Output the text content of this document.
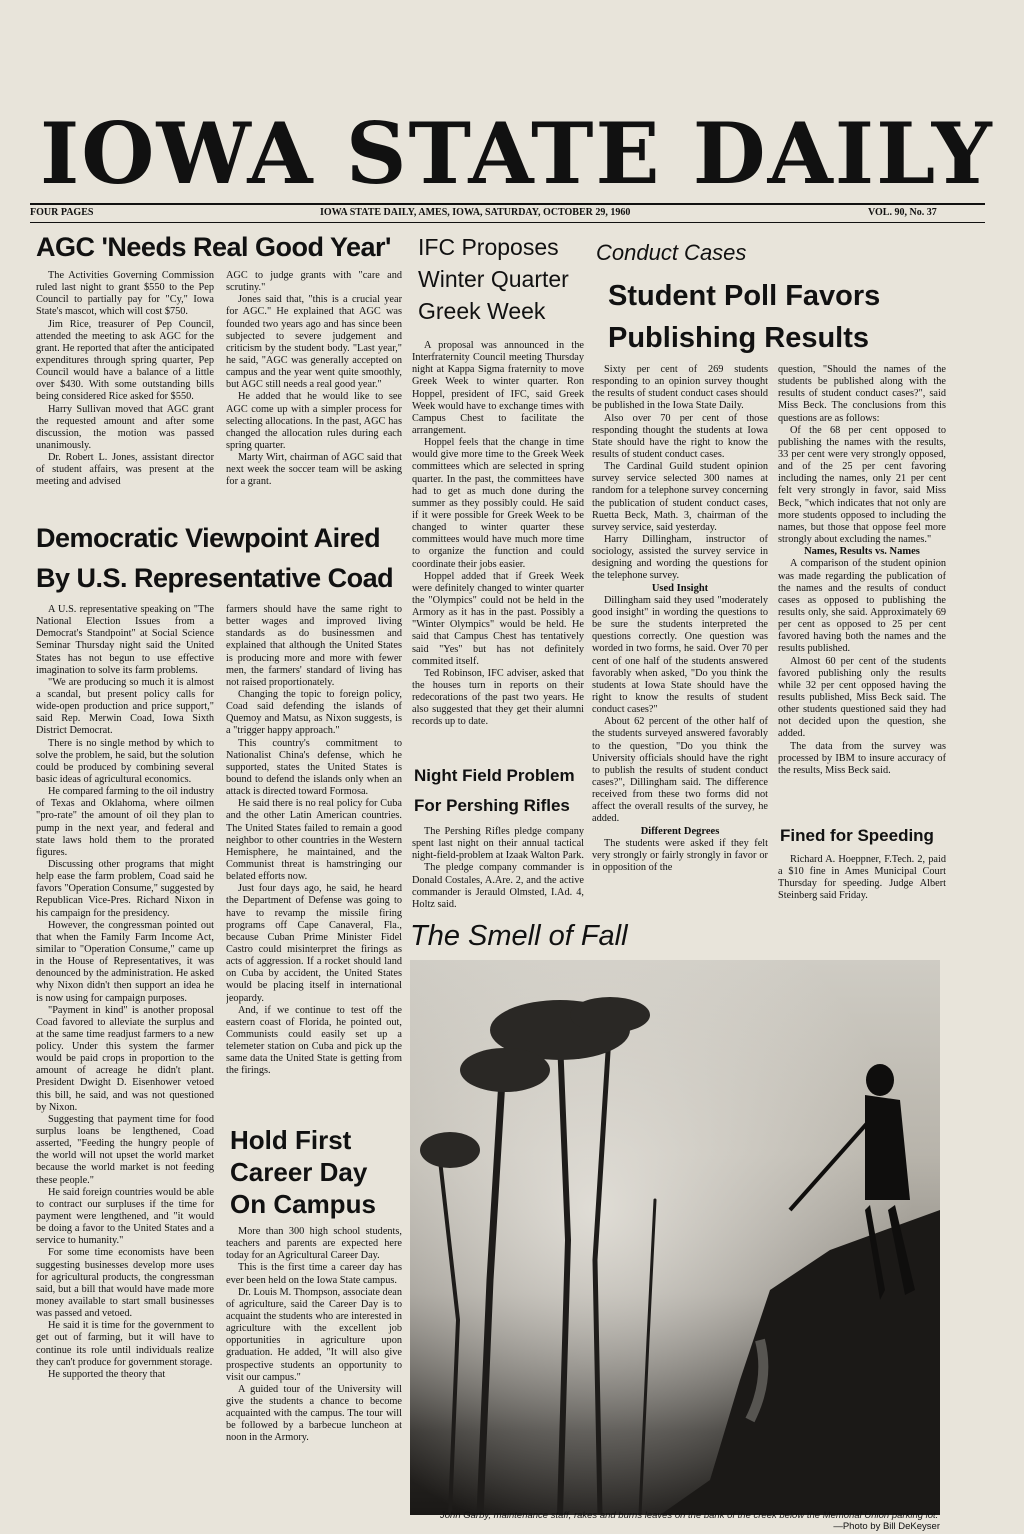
IOWA STATE DAILY
FOUR PAGES	IOWA STATE DAILY, AMES, IOWA, SATURDAY, OCTOBER 29, 1960	VOL. 90, No. 37
AGC 'Needs Real Good Year'

The Activities Governing Commission ruled last night to grant $550 to the Pep Council to partially pay for "Cy," Iowa State's mascot, which will cost $750.

Jim Rice, treasurer of Pep Council, attended the meeting to ask AGC for the grant. He reported that after the anticipated expenditures through spring quarter, Pep Council would have a balance of a little over $430. With some outstanding bills being considered Rice asked for $550.

Harry Sullivan moved that AGC grant the requested amount and after some discussion, the motion was passed unanimously.

Dr. Robert L. Jones, assistant director of student affairs, was present at the meeting and advised

AGC to judge grants with "care and scrutiny."

Jones said that, "this is a crucial year for AGC." He explained that AGC was founded two years ago and has since been subjected to severe judgement and criticism by the student body. "Last year," he said, "AGC was generally accepted on campus and the year went quite smoothly, but AGC still needs a real good year."

He added that he would like to see AGC come up with a simpler process for selecting allocations. In the past, AGC has changed the allocation rules during each spring quarter.

Marty Wirt, chairman of AGC said that next week the soccer team will be asking for a grant.

Democratic Viewpoint Aired
By U.S. Representative Coad

A U.S. representative speaking on "The National Election Issues from a Democrat's Standpoint" at Social Science Seminar Thursday night said the United States has not begun to use effective imagination to solve its farm problems.

"We are producing so much it is almost a scandal, but present policy calls for wide-open production and price support," said Rep. Merwin Coad, Iowa Sixth District Democrat.

There is no single method by which to solve the problem, he said, but the solution could be produced by combining several basic ideas of agricultural economics.

He compared farming to the oil industry of Texas and Oklahoma, where oilmen "pro-rate" the amount of oil they plan to pump in the next year, and federal and state laws hold them to the prorated figures.

Discussing other programs that might help ease the farm problem, Coad said he favors "Operation Consume," suggested by Republican Vice-Pres. Richard Nixon in his campaign for the presidency.

However, the congressman pointed out that when the Family Farm Income Act, similar to "Operation Consume," came up in the House of Representatives, it was denounced by the administration. He asked why Nixon didn't then support an idea he is now using for campaign purposes.

"Payment in kind" is another proposal Coad favored to alleviate the surplus and at the same time readjust farmers to a new policy. Under this system the farmer would be paid crops in proportion to the amount of acreage he didn't plant. President Dwight D. Eisenhower vetoed this bill, he said, and was not questioned by Nixon.

Suggesting that payment time for food surplus loans be lengthened, Coad asserted, "Feeding the hungry people of the world will not upset the world market because the world market is not feeding these people."

He said foreign countries would be able to contract our surpluses if the time for payment were lengthened, and "it would be doing a favor to the United States and a service to humanity."

For some time economists have been suggesting businesses develop more uses for agricultural products, the congressman said, but a bill that would have made more money available to start small businesses was passed and vetoed.

He said it is time for the government to get out of farming, but it will have to continue its role until individuals realize they can't produce for government storage.

He supported the theory that

farmers should have the same right to better wages and improved living standards as do businessmen and explained that although the United States is producing more and more with fewer men, the farmers' standard of living has not raised proportionately.

Changing the topic to foreign policy, Coad said defending the islands of Quemoy and Matsu, as Nixon suggests, is a "trigger happy approach."

This country's commitment to Nationalist China's defense, which he supported, states the United States is bound to defend the islands only when an attack is directed toward Formosa.

He said there is no real policy for Cuba and the other Latin American countries. The United States failed to remain a good neighbor to other countries in the Western Hemisphere, he maintained, and the Communist threat is hamstringing our belated efforts now.

Just four days ago, he said, he heard the Department of Defense was going to have to revamp the missile firing programs off Cape Canaveral, Fla., because Cuban Prime Minister Fidel Castro could misinterpret the firings as acts of aggression. If a rocket should land on Cuba by accident, the United States would be placing itself in international jeopardy.

And, if we continue to test off the eastern coast of Florida, he pointed out, Communists could easily set up a telemeter station on Cuba and pick up the same data the United State is getting from the firings.

Hold First
Career Day
On Campus

More than 300 high school students, teachers and parents are expected here today for an Agricultural Career Day.

This is the first time a career day has ever been held on the Iowa State campus.

Dr. Louis M. Thompson, associate dean of agriculture, said the Career Day is to acquaint the students who are interested in agriculture with the excellent job opportunities in agriculture upon graduation. He added, "It will also give prospective students an opportunity to visit our campus."

A guided tour of the University will give the students a chance to become acquainted with the campus. The tour will be followed by a barbecue luncheon at noon in the Armory.

IFC Proposes
Winter Quarter
Greek Week

A proposal was announced in the Interfraternity Council meeting Thursday night at Kappa Sigma fraternity to move Greek Week to winter quarter. Ron Hoppel, president of IFC, said Greek Week would have to exchange times with Campus Chest to facilitate the arrangement.

Hoppel feels that the change in time would give more time to the Greek Week committees which are selected in spring quarter. In the past, the committees have had to get as much done during the summer as they possibly could. He said if it were possible for Greek Week to be changed to winter quarter these committees would have much more time to organize the function and could coordinate their jobs easier.

Hoppel added that if Greek Week were definitely changed to winter quarter the "Olympics" could not be held in the Armory as it has in the past. Possibly a "Winter Olympics" would be held. He said that Campus Chest has tentatively said "Yes" but has not definitely commited itself.

Ted Robinson, IFC adviser, asked that the houses turn in reports on their redecorations of the past two years. He also suggested that they get their alumni records up to date.

Night Field Problem
For Pershing Rifles

The Pershing Rifles pledge company spent last night on their annual tactical night-field-problem at Izaak Walton Park.

The pledge company commander is Donald Costales, A.Are. 2, and the active commander is Jerauld Olmsted, I.Ad. 4, Holtz said.

Conduct Cases
Student Poll Favors
Publishing Results

Sixty per cent of 269 students responding to an opinion survey thought the results of student conduct cases should be published in the Iowa State Daily.

Also over 70 per cent of those responding thought the students at Iowa State should have the right to know the results of student conduct cases.

The Cardinal Guild student opinion survey service selected 300 names at random for a telephone survey concerning the publication of student conduct cases, Ruetta Beck, Math. 3, chairman of the survey service, said yesterday.

Harry Dillingham, instructor of sociology, assisted the survey service in designing and wording the questions for the telephone survey.

Used Insight

Dillingham said they used "moderately good insight" in wording the questions to be sure the students interpreted the questions correctly. One question was worded in two forms, he said. Over 70 per cent of one half of the students answered favorably when asked, "Do you think the students at Iowa State should have the right to know the results of student conduct cases?"

About 62 percent of the other half of the students surveyed answered favorably to the question, "Do you think the University officials should have the right to publish the results of student conduct cases?", Dillingham said. The difference received from these two forms did not affect the overall results of the survey, he added.

Different Degrees

The students were asked if they felt very strongly or fairly strongly in favor or in opposition of the

question, "Should the names of the students be published along with the results of student conduct cases?", said Miss Beck. The conclusions from this questions are as follows:

Of the 68 per cent opposed to publishing the names with the results, 33 per cent were very strongly opposed, and of the 25 per cent favoring including the names, only 21 per cent felt very strongly in favor, said Miss Beck, "which indicates that not only are more students opposed to including the names, but those that oppose feel more strongly about excluding the names."

Names, Results vs. Names

A comparison of the student opinion was made regarding the publication of the names and the results of conduct cases as opposed to publishing the results only, she said. Approximately 69 per cent as opposed to 25 per cent favored having both the names and the results published.

Almost 60 per cent of the students favored publishing only the results while 32 per cent opposed having the results published, Miss Beck said. The other students questioned said they had not decided upon the question, she added.

The data from the survey was processed by IBM to insure accuracy of the results, Miss Beck said.

Fined for Speeding

Richard A. Hoeppner, F.Tech. 2, paid a $10 fine in Ames Municipal Court Thursday for speeding. Judge Albert Steinberg said Friday.

The Smell of Fall
John Garby, maintenance staff, rakes and burns leaves on the bank of the creek below the Memorial Union parking lot.
—Photo by Bill DeKeyser
